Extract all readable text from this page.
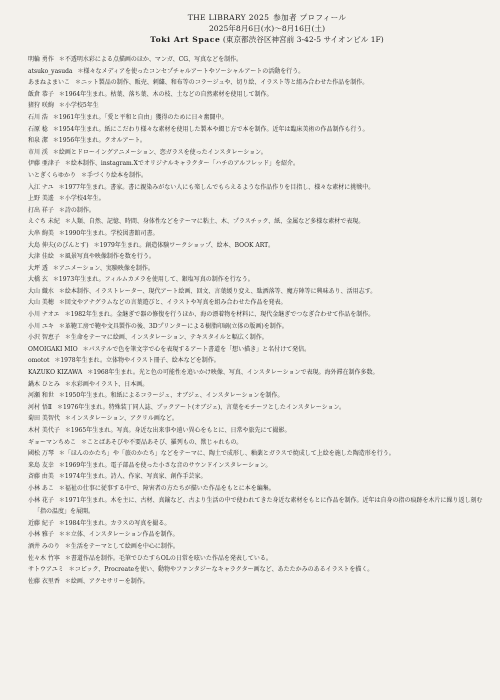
THE LIBRARY 2025 参加者 プロフィール
2025年8月6日(水)〜8月16日(土)
Toki Art Space (東京都渋谷区神宮前 3-42-5 サイオンビル 1F)
明輪 勇作 ＊不透明水彩による点描画のほか、マンガ、CG、写真などを制作。
atsuko_yasuda ＊様々なメディアを使ったコンセプチャルアートやソーシャルアートの活動を行う。
あまねよまいこ ＊ニット製品の制作、販売、刺繍、和布等のコラージュや、切り絵、イラスト等と組み合わせた作品を制作。
飯倉 恭子 ＊1964年生まれ。枯葉、落ち葉、木の枝、土などの自然素材を使用して制作。
猪狩 咲絢 ＊小学校5年生
石川 浩 ＊1961年生まれ。「愛と平和と自由」獲得のために日々奮闘中。
石原 稔 ＊1954年生まれ。紙にこだわり様々な素材を使用した製本や綴じ方で本を制作。近年は臨床美術の作品制作も行う。
和泉 潔 ＊1956年生まれ。クオルアート。
市川 渓 ＊絵画とドローイングアニメーション、恋ガラスを使ったインスタレーション。
伊藤 亜津子 ＊絵本制作、instagram.Xでオリジナルキャラクター「ハチのアルフレッド」を紹介。
いとぎくらゆかり ＊手づくり絵本を制作。
入江 ナユ ＊1977年生まれ。書家。書に親染みがない人にも楽しんでもらえるような作品作りを目指し、様々な素材に挑戦中。
上野 美遙 ＊小学校4年生。
打出 祥子 ＊詩の制作。
えぐち 未紀 ＊人類、自然、記憶、時間、身体性などをテーマに粘土、木、プラスチック、紙、金属など多様な素材で表現。
大串 絢美 ＊1990年生まれ。学校図書館司書。
大島 伸夫(のびんとす) ＊1979年生まれ。創造体験ワークショップ、絵本、BOOK ART。
大津 佳絵 ＊風景写真や映像制作を数を行う。
大坪 透 ＊アニメーション、実験映像を制作。
大橋 玄 ＊1973年生まれ。フィルムカメラを使用して、銀塩写真の制作を行なう。
大山 織水 ＊絵本制作、イラストレーター、現代アート絵画、回文、言葉緩り変え、駄洒落等、魔方陣等に興味あり、活用志す。
大山 美穂 ＊回文やアナグラムなどの言葉遊びと、イラストや写真を組み合わせた作品を発表。
小川 ナオエ ＊1982年生まれ。金継ぎで器の修復を行うほか、海の漂着物を材料に、現代金継ぎでつなぎ合わせて作品を制作。
小川 ユキ ＊革鞄工房で鞄や文具製作の後、3Dプリンターによる樹脂印刷(立体の版画)を制作。
小沢 智恵子 ＊生命をテーマに絵画、インスタレーション、テキスタイルと幅広く制作。
OMOIGAKI MIO ＊パステルで色を筆文字で心を表現するアート書道を「想い描き」と名付けて発信。
omotot ＊1978年生まれ。立体物やイラスト冊子、絵本などを制作。
KAZUKO KIZAWA ＊1968年生まれ。光と色の可能性を追いかけ映像、写真、インスタレーションで表現。海外滞在制作多数。
鍋木 ひとみ ＊水彩画やイラスト、日本画。
河瀬 和世 ＊1950年生まれ。和紙によるコラージュ、オブジェ、インスタレーションを制作。
河村 悟Ⅱ ＊1976年生まれ。特殊装丁同人誌、ブックアート(オブジェ)、言葉をモチーフとしたインスタレーション。
菊田 美智代 ＊インスタレーション、アクリル画など。
木村 美代子 ＊1965年生まれ。写真。身近な出来事や遠い異心をもとに、日常や旅先にて撮影。
ギョーマンちめこ ＊ことばあそびや不要品あそび、羅列もの、獣じゃれもの。
國松 万琴 ＊「ほんのかたち」や「旅のかたち」などをテーマに、陶土で成形し、釉薬とガラスで焼成して上絵を施した陶造形を行う。
来島 友幸 ＊1969年生まれ。電子部品を使った小さな音のサウンドインスタレーション。
斉藤 由美 ＊1974年生まれ。詩人、作家、写真家、創作手芸家。
小林 あこ ＊福祉の仕事に従事する中で、障害者の方たちが描いた作品をもとに本を編集。
小林 花子 ＊1971年生まれ。木を主に、古材、真鍮など、古より生活の中で使われてきた身近な素材をもとに作品を制作。近年は自身の指の痕跡を木片に繰り返し刻む「指の温度」を展開。
近藤 紀子 ＊1984年生まれ。カラスの写真を撮る。
小林 雅子 ＊＊立体、インスタレーション作品を制作。
酒井 みのり ＊生活をテーマとして絵画を中心に制作。
佐々木 竹寧 ＊書道作品を制作。毛筆でひたすらOLの日常を呟いた作品を発表している。
サトウアユミ ＊コピック、Procreateを使い、動物やファンタジーなキャラクター画など、あたたかみのあるイラストを描く。
佐藤 衣里香 ＊絵画、アクセサリーを制作。
